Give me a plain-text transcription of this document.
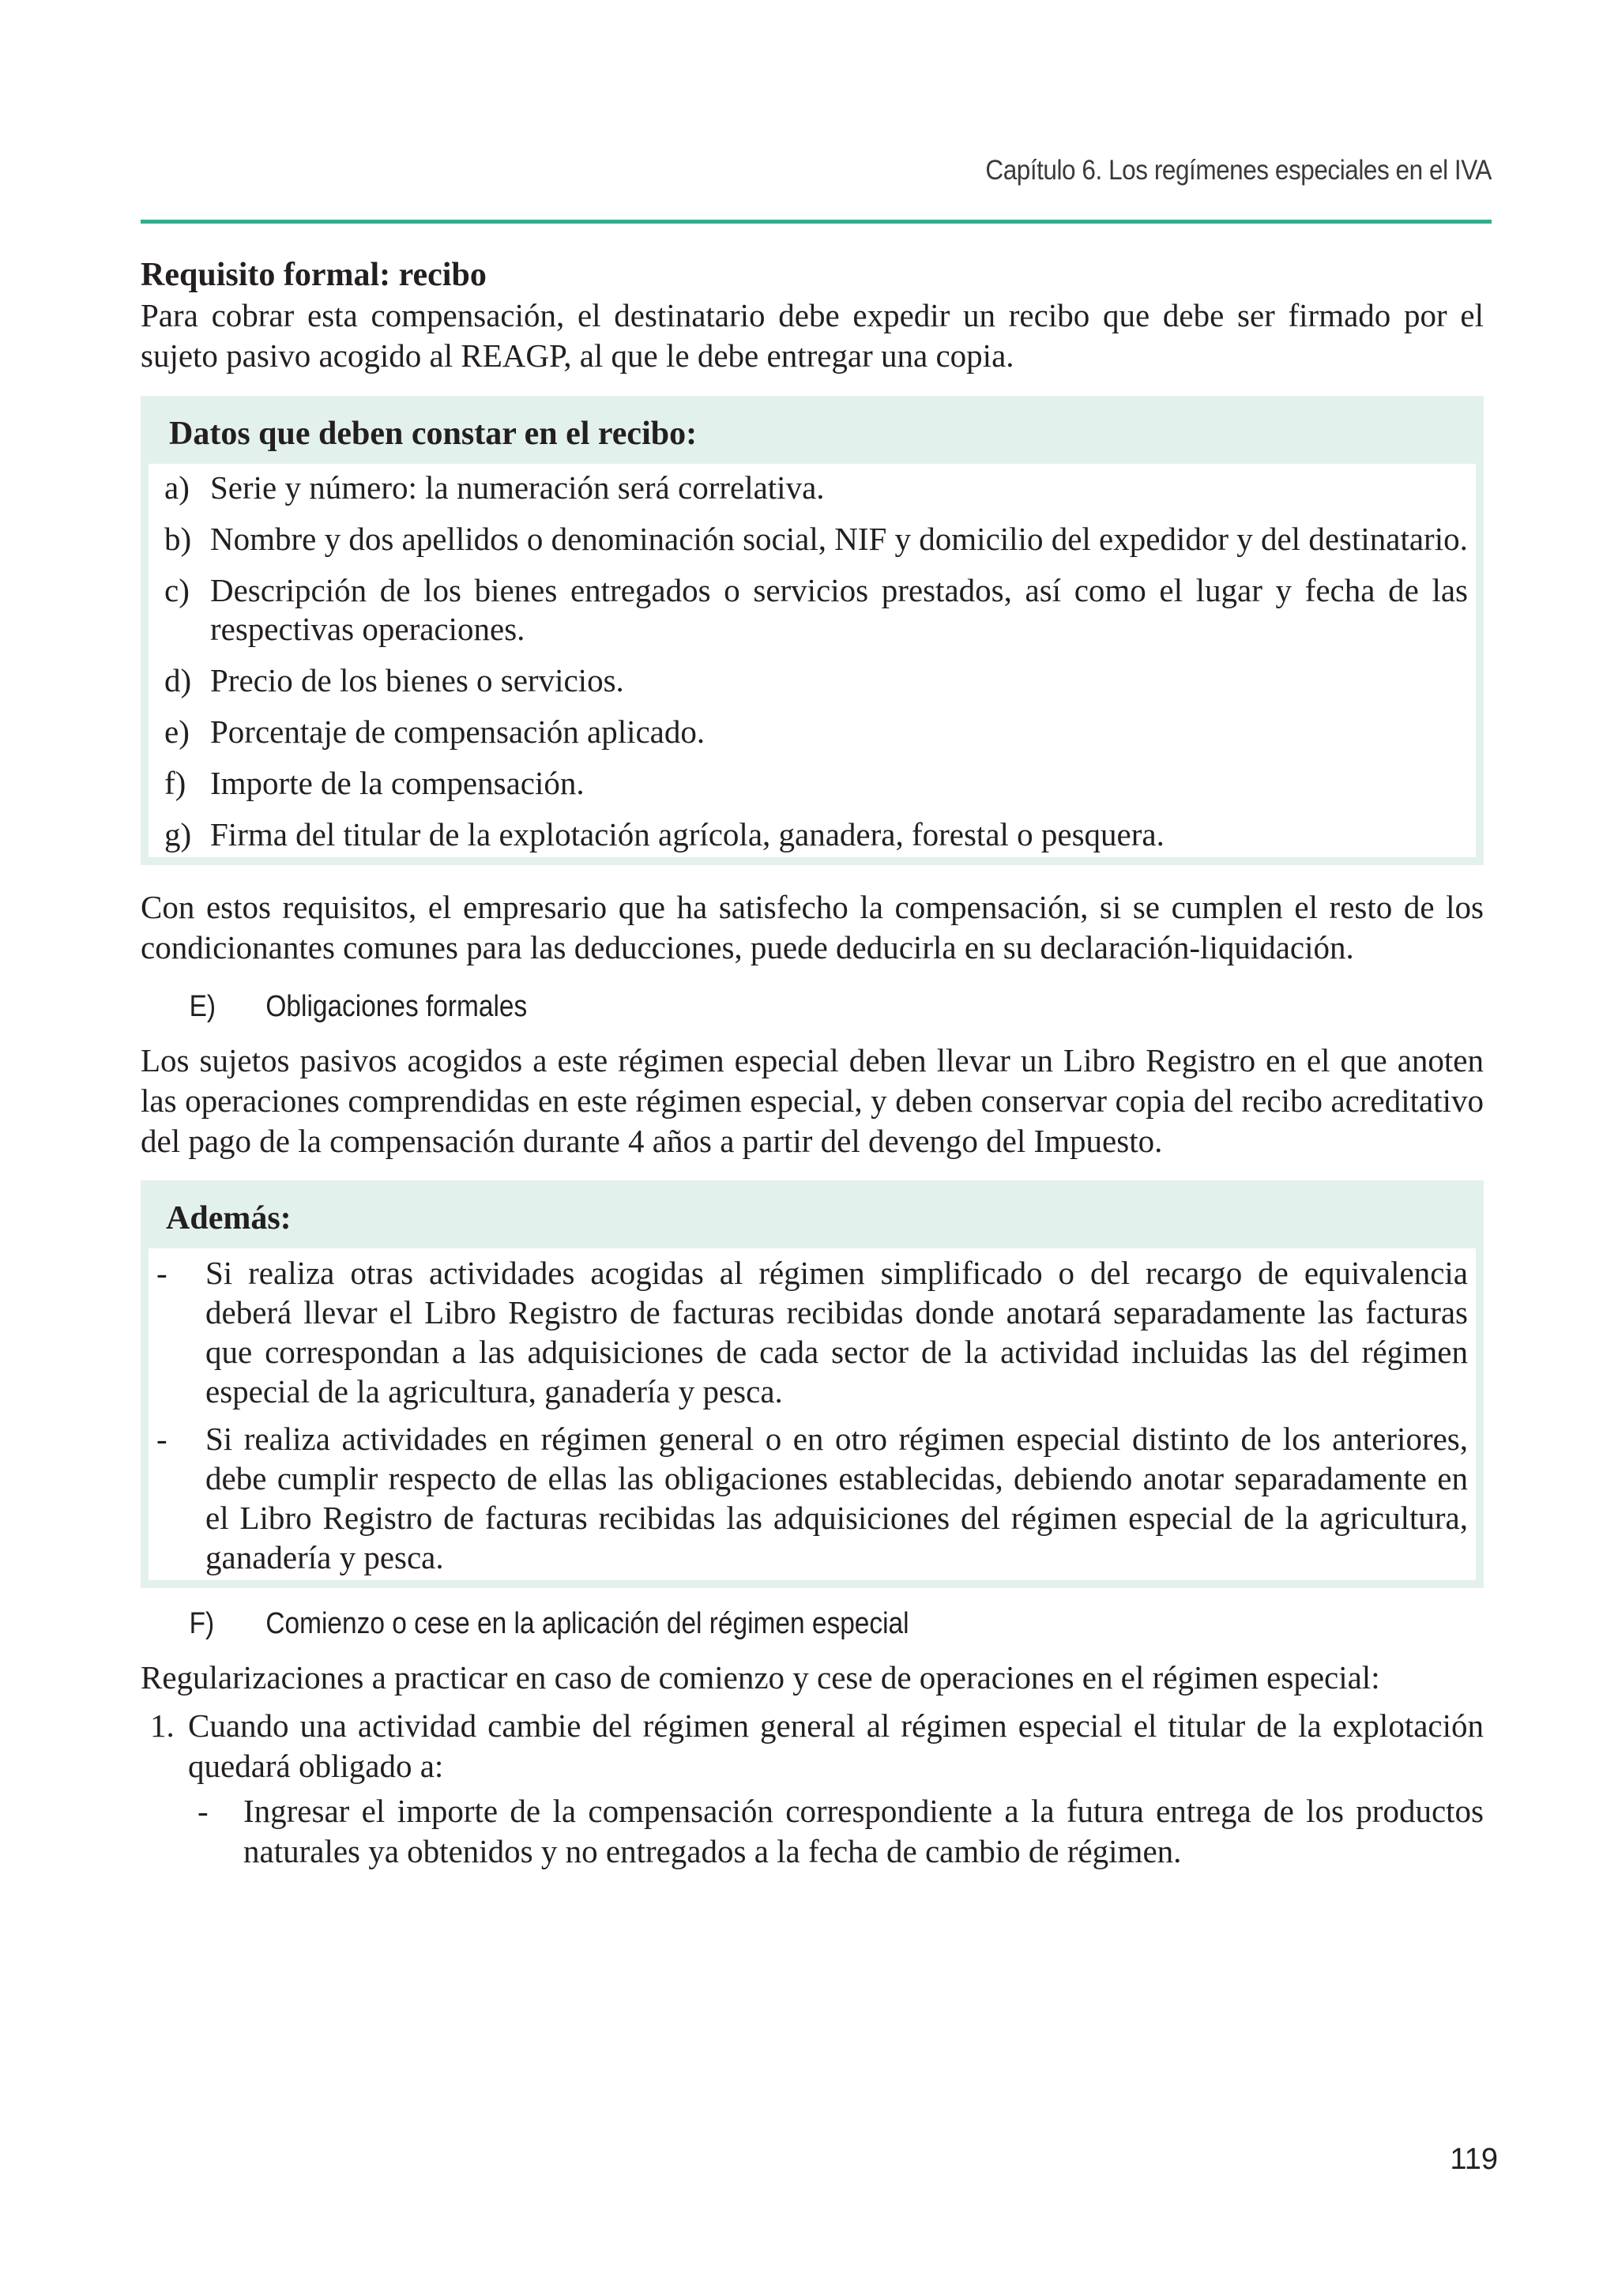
Capítulo 6. Los regímenes especiales en el IVA

Requisito formal: recibo

Para cobrar esta compensación, el destinatario debe expedir un recibo que debe ser firmado por el sujeto pasivo acogido al REAGP, al que le debe entregar una copia.

Datos que deben constar en el recibo:

a) Serie y número: la numeración será correlativa.
b) Nombre y dos apellidos o denominación social, NIF y domicilio del expedidor y del destinatario.
c) Descripción de los bienes entregados o servicios prestados, así como el lugar y fecha de las respectivas operaciones.
d) Precio de los bienes o servicios.
e) Porcentaje de compensación aplicado.
f) Importe de la compensación.
g) Firma del titular de la explotación agrícola, ganadera, forestal o pesquera.

Con estos requisitos, el empresario que ha satisfecho la compensación, si se cumplen el resto de los condicionantes comunes para las deducciones, puede deducirla en su declaración-liquidación.

E)	Obligaciones formales

Los sujetos pasivos acogidos a este régimen especial deben llevar un Libro Registro en el que anoten las operaciones comprendidas en este régimen especial, y deben conservar copia del recibo acreditativo del pago de la compensación durante 4 años a partir del devengo del Impuesto.

Además:

-	Si realiza otras actividades acogidas al régimen simplificado o del recargo de equivalencia deberá llevar el Libro Registro de facturas recibidas donde anotará separadamente las facturas que correspondan a las adquisiciones de cada sector de la actividad incluidas las del régimen especial de la agricultura, ganadería y pesca.
-	Si realiza actividades en régimen general o en otro régimen especial distinto de los anteriores, debe cumplir respecto de ellas las obligaciones establecidas, debiendo anotar separadamente en el Libro Registro de facturas recibidas las adquisiciones del régimen especial de la agricultura, ganadería y pesca.
F)	Comienzo o cese en la aplicación del régimen especial

Regularizaciones a practicar en caso de comienzo y cese de operaciones en el régimen especial:

1. Cuando una actividad cambie del régimen general al régimen especial el titular de la explotación quedará obligado a:
-	Ingresar el importe de la compensación correspondiente a la futura entrega de los productos naturales ya obtenidos y no entregados a la fecha de cambio de régimen.
119
